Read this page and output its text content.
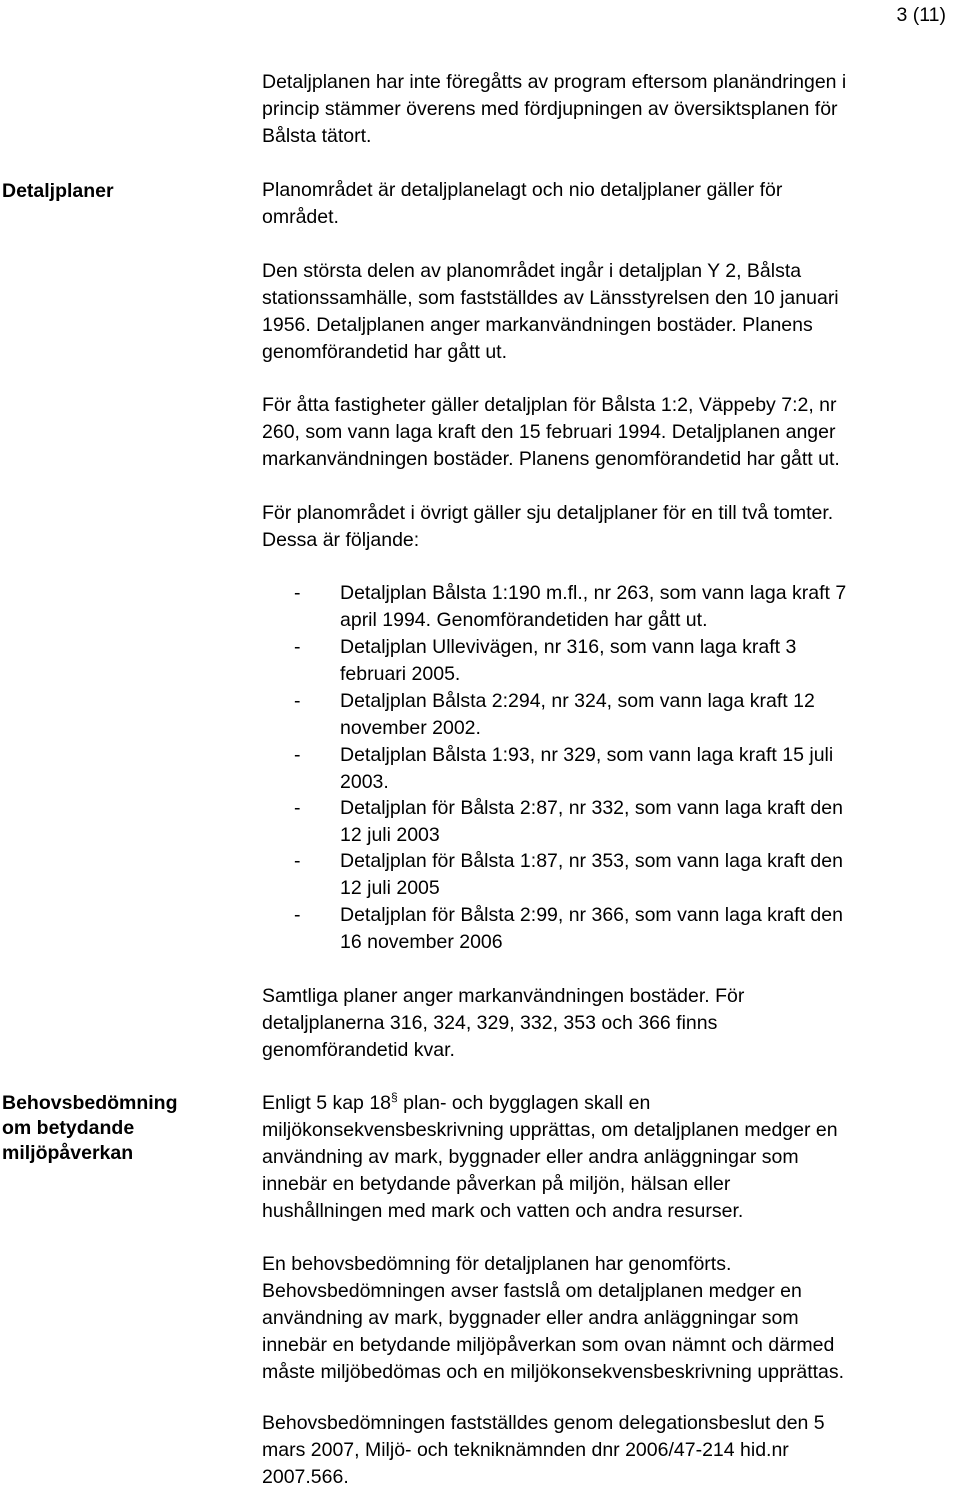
3 (11)
Detaljplanen har inte föregåtts av program eftersom planändringen i
princip stämmer överens med fördjupningen av översiktsplanen för
Bålsta tätort.
Detaljplaner	Planområdet är detaljplanelagt och nio detaljplaner gäller för
området.
Den största delen av planområdet ingår i detaljplan Y 2, Bålsta
stationssamhälle, som fastställdes av Länsstyrelsen den 10 januari
1956. Detaljplanen anger markanvändningen bostäder. Planens
genomförandetid har gått ut.
För åtta fastigheter gäller detaljplan för Bålsta 1:2, Väppeby 7:2, nr
260, som vann laga kraft den 15 februari 1994. Detaljplanen anger
markanvändningen bostäder. Planens genomförandetid har gått ut.
För planområdet i övrigt gäller sju detaljplaner för en till två tomter.
Dessa är följande:
-	Detaljplan Bålsta 1:190 m.fl., nr 263, som vann laga kraft 7
april 1994. Genomförandetiden har gått ut.
-	Detaljplan Ullevivägen, nr 316, som vann laga kraft 3
februari 2005.
-	Detaljplan Bålsta 2:294, nr 324, som vann laga kraft 12
november 2002.
-	Detaljplan Bålsta 1:93, nr 329, som vann laga kraft 15 juli
2003.
-	Detaljplan för Bålsta 2:87, nr 332, som vann laga kraft den
12 juli 2003
-	Detaljplan för Bålsta 1:87, nr 353, som vann laga kraft den
12 juli 2005
-	Detaljplan för Bålsta 2:99, nr 366, som vann laga kraft den
16 november 2006
Samtliga planer anger markanvändningen bostäder. För
detaljplanerna 316, 324, 329, 332, 353 och 366 finns
genomförandetid kvar.
Behovsbedömning
om betydande
miljöpåverkan
Enligt 5 kap 18§ plan- och bygglagen skall en
miljökonsekvensbeskrivning upprättas, om detaljplanen medger en
användning av mark, byggnader eller andra anläggningar som
innebär en betydande påverkan på miljön, hälsan eller
hushållningen med mark och vatten och andra resurser.
En behovsbedömning för detaljplanen har genomförts.
Behovsbedömningen avser fastslå om detaljplanen medger en
användning av mark, byggnader eller andra anläggningar som
innebär en betydande miljöpåverkan som ovan nämnt och därmed
måste miljöbedömas och en miljökonsekvensbeskrivning upprättas.
Behovsbedömningen fastställdes genom delegationsbeslut den 5
mars 2007, Miljö- och tekniknämnden dnr 2006/47-214 hid.nr
2007.566.
